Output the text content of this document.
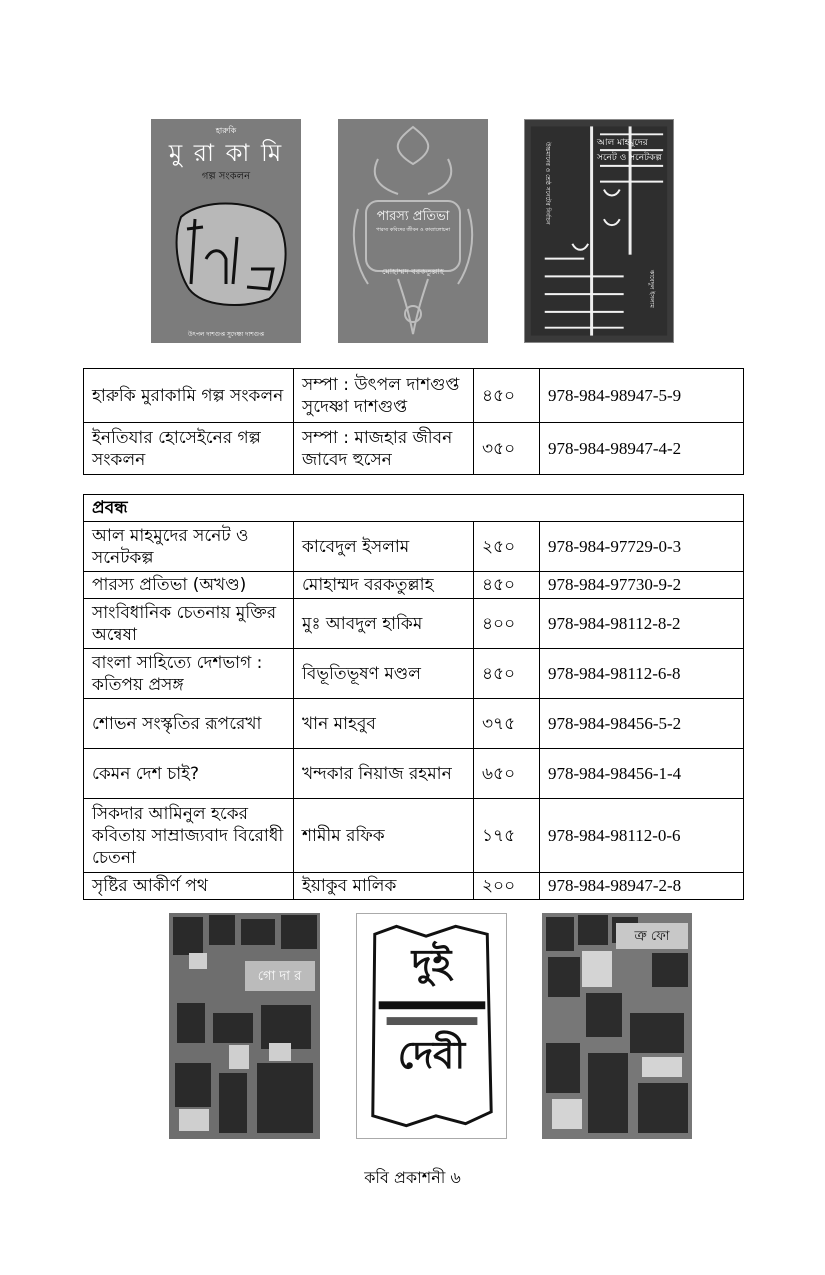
হারুকি
মু রা কা মি
গল্প সংকলন
উৎপল দাশগুপ্ত সুদেষ্ণা দাশগুপ্ত
পারস্য প্রতিভা
পারস্য কবিদের জীবন ও কাব্যালোচনা
মোহাম্মদ বরকতুল্লাহ
উচ্চমানের ও শ্রেষ্ঠ সনেটের নির্বাচন
কাবেদুল ইসলাম
আল মাহমুদের সনেট ও সনেটকল্প
হারুকি মুরাকামি গল্প সংকলন	সম্পা : উৎপল দাশগুপ্ত সুদেষ্ণা দাশগুপ্ত	৪৫০	978-984-98947-5-9
ইনতিযার হোসেইনের গল্প সংকলন	সম্পা : মাজহার জীবন জাবেদ হুসেন	৩৫০	978-984-98947-4-2
প্রবন্ধ			
আল মাহমুদের সনেট ও সনেটকল্প	কাবেদুল ইসলাম	২৫০	978-984-97729-0-3
পারস্য প্রতিভা (অখণ্ড)	মোহাম্মদ বরকতুল্লাহ	৪৫০	978-984-97730-9-2
সাংবিধানিক চেতনায় মুক্তির অন্বেষা	মুঃ আবদুল হাকিম	৪০০	978-984-98112-8-2
বাংলা সাহিত্যে দেশভাগ : কতিপয় প্রসঙ্গ	বিভূতিভূষণ মণ্ডল	৪৫০	978-984-98112-6-8
শোভন সংস্কৃতির রূপরেখা	খান মাহবুব	৩৭৫	978-984-98456-5-2
কেমন দেশ চাই?	খন্দকার নিয়াজ রহমান	৬৫০	978-984-98456-1-4
সিকদার আমিনুল হকের কবিতায় সাম্রাজ্যবাদ বিরোধী চেতনা	শামীম রফিক	১৭৫	978-984-98112-0-6
সৃষ্টির আকীর্ণ পথ	ইয়াকুব মালিক	২০০	978-984-98947-2-8
গো দা র	দুই
দেবী
ত্রু ফো
কবি প্রকাশনী ৬
